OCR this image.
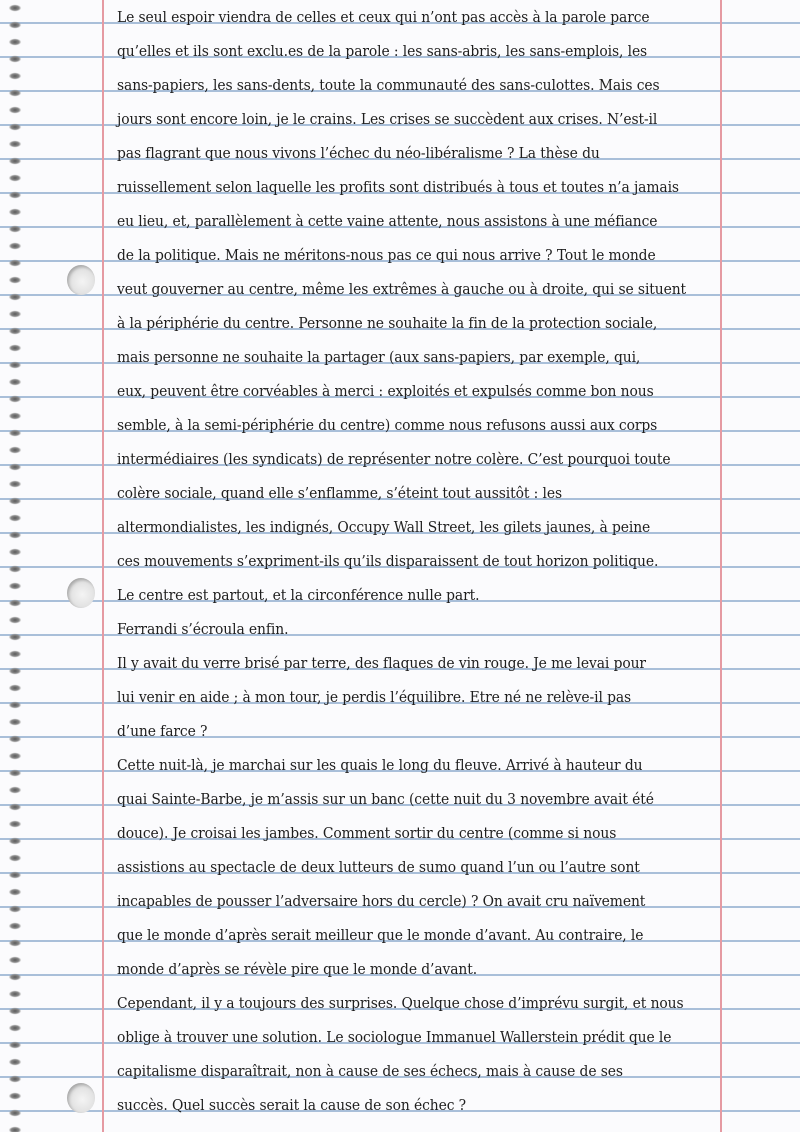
Le seul espoir viendra de celles et ceux qui n’ont pas accès à la parole parce
qu’elles et ils sont exclu.es de la parole : les sans-abris, les sans-emplois, les
sans-papiers, les sans-dents, toute la communauté des sans-culottes. Mais ces
jours sont encore loin, je le crains. Les crises se succèdent aux crises. N’est-il
pas flagrant que nous vivons l’échec du néo-libéralisme ? La thèse du
ruissellement selon laquelle les profits sont distribués à tous et toutes n’a jamais
eu lieu, et, parallèlement à cette vaine attente, nous assistons à une méfiance
de la politique. Mais ne méritons-nous pas ce qui nous arrive ? Tout le monde
veut gouverner au centre, même les extrêmes à gauche ou à droite, qui se situent
à la périphérie du centre. Personne ne souhaite la fin de la protection sociale,
mais personne ne souhaite la partager (aux sans-papiers, par exemple, qui,
eux, peuvent être corvéables à merci : exploités et expulsés comme bon nous
semble, à la semi-périphérie du centre) comme nous refusons aussi aux corps
intermédiaires (les syndicats) de représenter notre colère. C’est pourquoi toute
colère sociale, quand elle s’enflamme, s’éteint tout aussitôt : les
altermondialistes, les indignés, Occupy Wall Street, les gilets jaunes, à peine
ces mouvements s’expriment-ils qu’ils disparaissent de tout horizon politique.
Le centre est partout, et la circonférence nulle part.
Ferrandi s’écroula enfin.
Il y avait du verre brisé par terre, des flaques de vin rouge. Je me levai pour
lui venir en aide ; à mon tour, je perdis l’équilibre. Etre né ne relève-il pas
d’une farce ?
Cette nuit-là, je marchai sur les quais le long du fleuve. Arrivé à hauteur du
quai Sainte-Barbe, je m’assis sur un banc (cette nuit du 3 novembre avait été
douce). Je croisai les jambes. Comment sortir du centre (comme si nous
assistions au spectacle de deux lutteurs de sumo quand l’un ou l’autre sont
incapables de pousser l’adversaire hors du cercle) ? On avait cru naïvement
que le monde d’après serait meilleur que le monde d’avant. Au contraire, le
monde d’après se révèle pire que le monde d’avant.
Cependant, il y a toujours des surprises. Quelque chose d’imprévu surgit, et nous
oblige à trouver une solution. Le sociologue Immanuel Wallerstein prédit que le
capitalisme disparaîtrait, non à cause de ses échecs, mais à cause de ses
succès. Quel succès serait la cause de son échec ?
